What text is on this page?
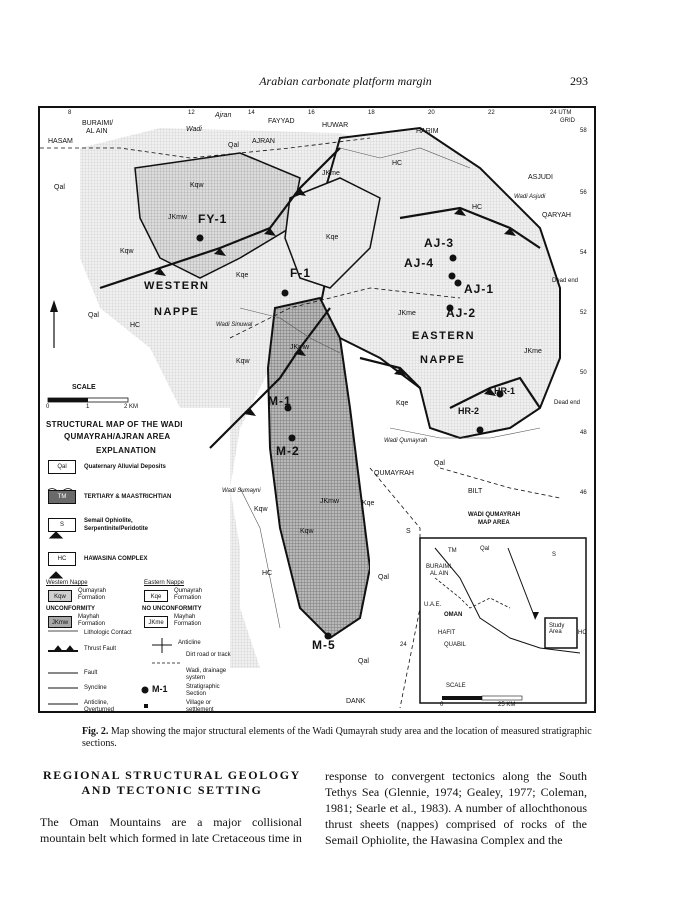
Arabian carbonate platform margin	293
8	12	14	16	18	20	22	24 UTM
GRID
58
56
54
52
50
48
46
BURAIMI/
AL AIN
HASAM
Wadi
Ajran
FAYYAD
HUWAR
AJRAN
HARIM
ASJUDI
QARYAH
DANK
QUMAYRAH
BILT
Qal
Qal
Qal
Qal
Qal
Qal
Kqw
Kqw
Kqw
Kqw
Kqw
JKmw
JKmw
JKmw
JKme
JKme
JKme
Kqe
Kqe
Kqe
Kqe
HC
HC
HC
HC
WESTERN
NAPPE
EASTERN
NAPPE
FY-1
F-1
AJ-3
AJ-4
AJ-1
AJ-2
M-1
M-2
M-5
HR-1
HR-2
Wadi Sinuwal
Wadi Qumayrah
Wadi Sumayni
Wadi Asjudi
Dead end
Dead end
S
SCALE
0	1	2 KM
STRUCTURAL MAP OF THE WADI
QUMAYRAH/AJRAN AREA
EXPLANATION
Qal	Quaternary Alluvial Deposits
TM	TERTIARY & MAASTRICHTIAN
S
Semail Ophiolite,
Serpentinite/Peridotite
HC	HAWASINA COMPLEX
Western Nappe	Eastern Nappe
Kqw
Qumayrah
Formation	Kqe
Qumayrah
Formation
UNCONFORMITY	NO UNCONFORMITY
JKmw
Mayhah
Formation	JKme
Mayhah
Formation
Lithologic Contact
Anticline
Thrust Fault
Dirt road or track
Fault	Wadi, drainage system
Syncline	M-1	Stratigraphic Section
Anticline, Overturned
Village or settlement
WADI QUMAYRAH
MAP AREA
BURAIMI
AL AIN
U.A.E.
OMAN
HAFIT
QUABIL
Study Area
SCALE
0	25 KM
TM	Qal
HC
S
24
Fig. 2. Map showing the major structural elements of the Wadi Qumayrah study area and the location of measured stratigraphic sections.
REGIONAL STRUCTURAL GEOLOGY
AND TECTONIC SETTING
The Oman Mountains are a major collisional mountain belt which formed in late Cretaceous time in
response to convergent tectonics along the South Tethys Sea (Glennie, 1974; Gealey, 1977; Coleman, 1981; Searle et al., 1983). A number of allochthonous thrust sheets (nappes) comprised of rocks of the Semail Ophiolite, the Hawasina Complex and the
